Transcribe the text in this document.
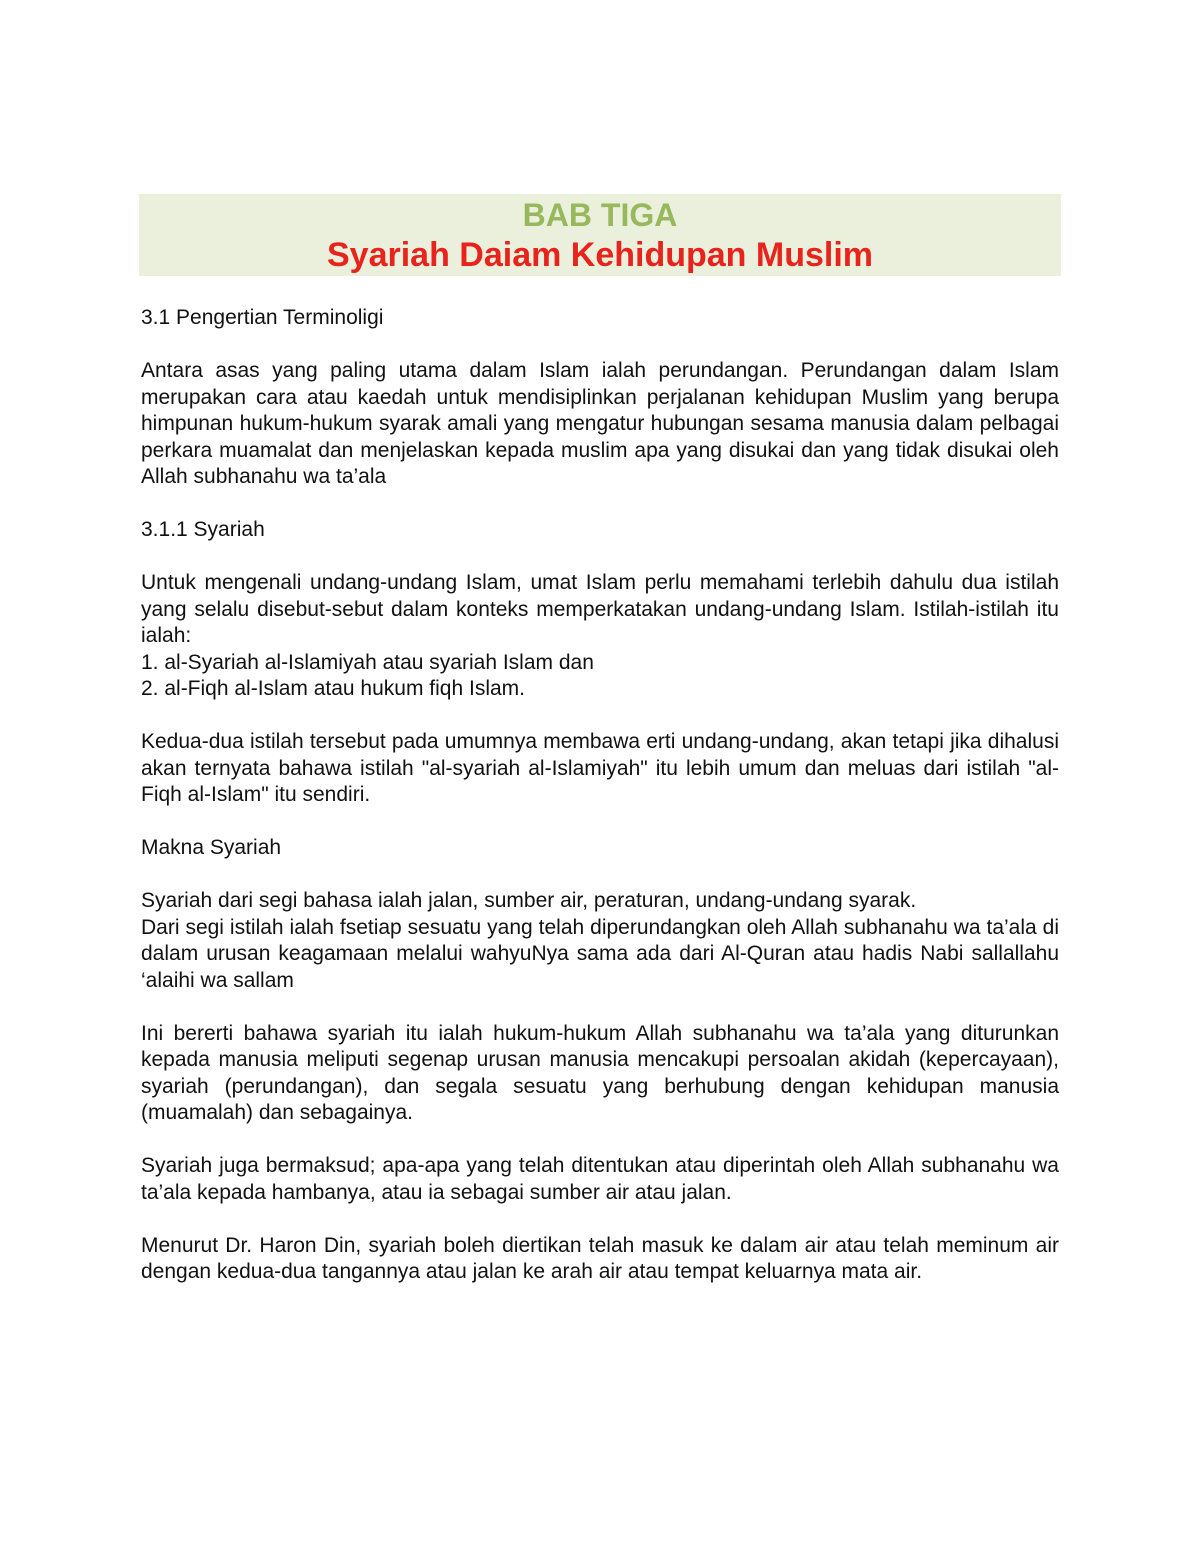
BAB TIGA
Syariah Daiam Kehidupan Muslim

3.1 Pengertian Terminoligi

Antara asas yang paling utama dalam Islam ialah perundangan. Perundangan dalam Islam merupakan cara atau kaedah untuk mendisiplinkan perjalanan kehidupan Muslim yang berupa himpunan hukum-hukum syarak amali yang mengatur hubungan sesama manusia dalam pelbagai perkara muamalat dan menjelaskan kepada muslim apa yang disukai dan yang tidak disukai oleh Allah subhanahu wa ta’ala

3.1.1 Syariah

Untuk mengenali undang-undang Islam, umat Islam perlu memahami terlebih dahulu dua istilah yang selalu disebut-sebut dalam konteks memperkatakan undang-undang Islam. Istilah-istilah itu ialah:

1. al-Syariah al-Islamiyah atau syariah Islam dan
2. al-Fiqh al-Islam atau hukum fiqh Islam.

Kedua-dua istilah tersebut pada umumnya membawa erti undang-undang, akan tetapi jika dihalusi akan ternyata bahawa istilah "al-syariah al-Islamiyah" itu lebih umum dan meluas dari istilah "al-Fiqh al-Islam" itu sendiri.

Makna Syariah

Syariah dari segi bahasa ialah jalan, sumber air, peraturan, undang-undang syarak.

Dari segi istilah ialah fsetiap sesuatu yang telah diperundangkan oleh Allah subhanahu wa ta’ala di dalam urusan keagamaan melalui wahyuNya sama ada dari Al-Quran atau hadis Nabi sallallahu ‘alaihi wa sallam

Ini bererti bahawa syariah itu ialah hukum-hukum Allah subhanahu wa ta’ala yang diturunkan kepada manusia meliputi segenap urusan manusia mencakupi persoalan akidah (kepercayaan), syariah (perundangan), dan segala sesuatu yang berhubung dengan kehidupan manusia (muamalah) dan sebagainya.

Syariah juga bermaksud; apa-apa yang telah ditentukan atau diperintah oleh Allah subhanahu wa ta’ala kepada hambanya, atau ia sebagai sumber air atau jalan.

Menurut Dr. Haron Din, syariah boleh diertikan telah masuk ke dalam air atau telah meminum air dengan kedua-dua tangannya atau jalan ke arah air atau tempat keluarnya mata air.
